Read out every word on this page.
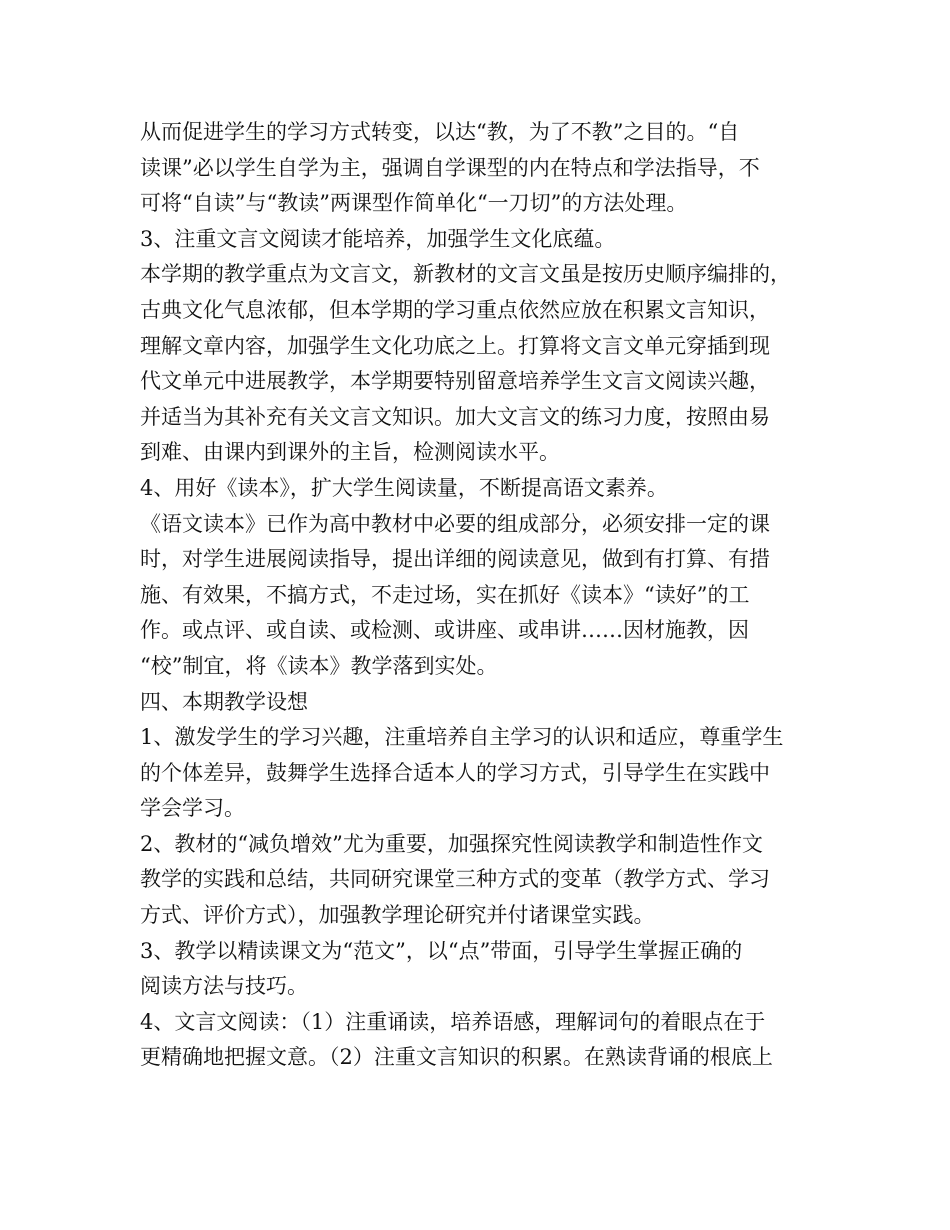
从而促进学生的学习方式转变，以达“教，为了不教”之目的。“自
读课”必以学生自学为主，强调自学课型的内在特点和学法指导，不
可将“自读”与“教读”两课型作简单化“一刀切”的方法处理。
3、注重文言文阅读才能培养，加强学生文化底蕴。
本学期的教学重点为文言文，新教材的文言文虽是按历史顺序编排的，
古典文化气息浓郁，但本学期的学习重点依然应放在积累文言知识，
理解文章内容，加强学生文化功底之上。打算将文言文单元穿插到现
代文单元中进展教学，本学期要特别留意培养学生文言文阅读兴趣，
并适当为其补充有关文言文知识。加大文言文的练习力度，按照由易
到难、由课内到课外的主旨，检测阅读水平。
4、用好《读本》，扩大学生阅读量，不断提高语文素养。
《语文读本》已作为高中教材中必要的组成部分，必须安排一定的课
时，对学生进展阅读指导，提出详细的阅读意见，做到有打算、有措
施、有效果，不搞方式，不走过场，实在抓好《读本》“读好”的工
作。或点评、或自读、或检测、或讲座、或串讲……因材施教，因
“校”制宜，将《读本》教学落到实处。
四、本期教学设想
1、激发学生的学习兴趣，注重培养自主学习的认识和适应，尊重学生
的个体差异，鼓舞学生选择合适本人的学习方式，引导学生在实践中
学会学习。
2、教材的“减负增效”尤为重要，加强探究性阅读教学和制造性作文
教学的实践和总结，共同研究课堂三种方式的变革（教学方式、学习
方式、评价方式），加强教学理论研究并付诸课堂实践。
3、教学以精读课文为“范文”，以“点”带面，引导学生掌握正确的
阅读方法与技巧。
4、文言文阅读：（1）注重诵读，培养语感，理解词句的着眼点在于
更精确地把握文意。（2）注重文言知识的积累。在熟读背诵的根底上
